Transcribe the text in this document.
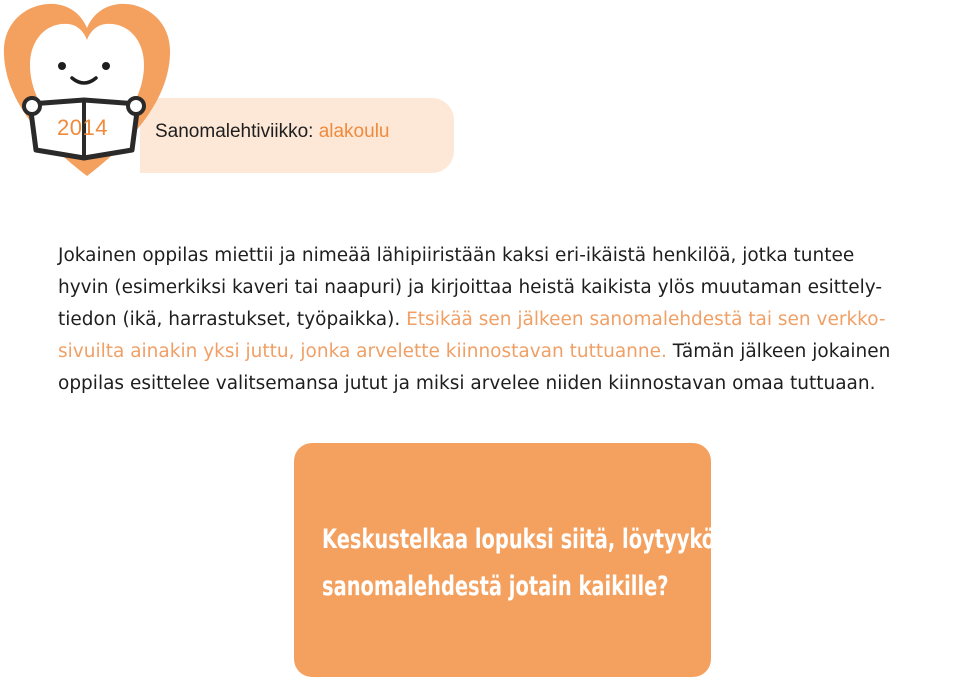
2014 Sanomalehtiviikko: alakoulu
Jokainen oppilas miettii ja nimeää lähipiiristään kaksi eri-ikäistä henkilöä, jotka tuntee
hyvin (esimerkiksi kaveri tai naapuri) ja kirjoittaa heistä kaikista ylös muutaman esittely-
tiedon (ikä, harrastukset, työpaikka). Etsikää sen jälkeen sanomalehdestä tai sen verkko-
sivuilta ainakin yksi juttu, jonka arvelette kiinnostavan tuttuanne. Tämän jälkeen jokainen
oppilas esittelee valitsemansa jutut ja miksi arvelee niiden kiinnostavan omaa tuttuaan.
Keskustelkaa lopuksi siitä, löytyykö
sanomalehdestä jotain kaikille?
